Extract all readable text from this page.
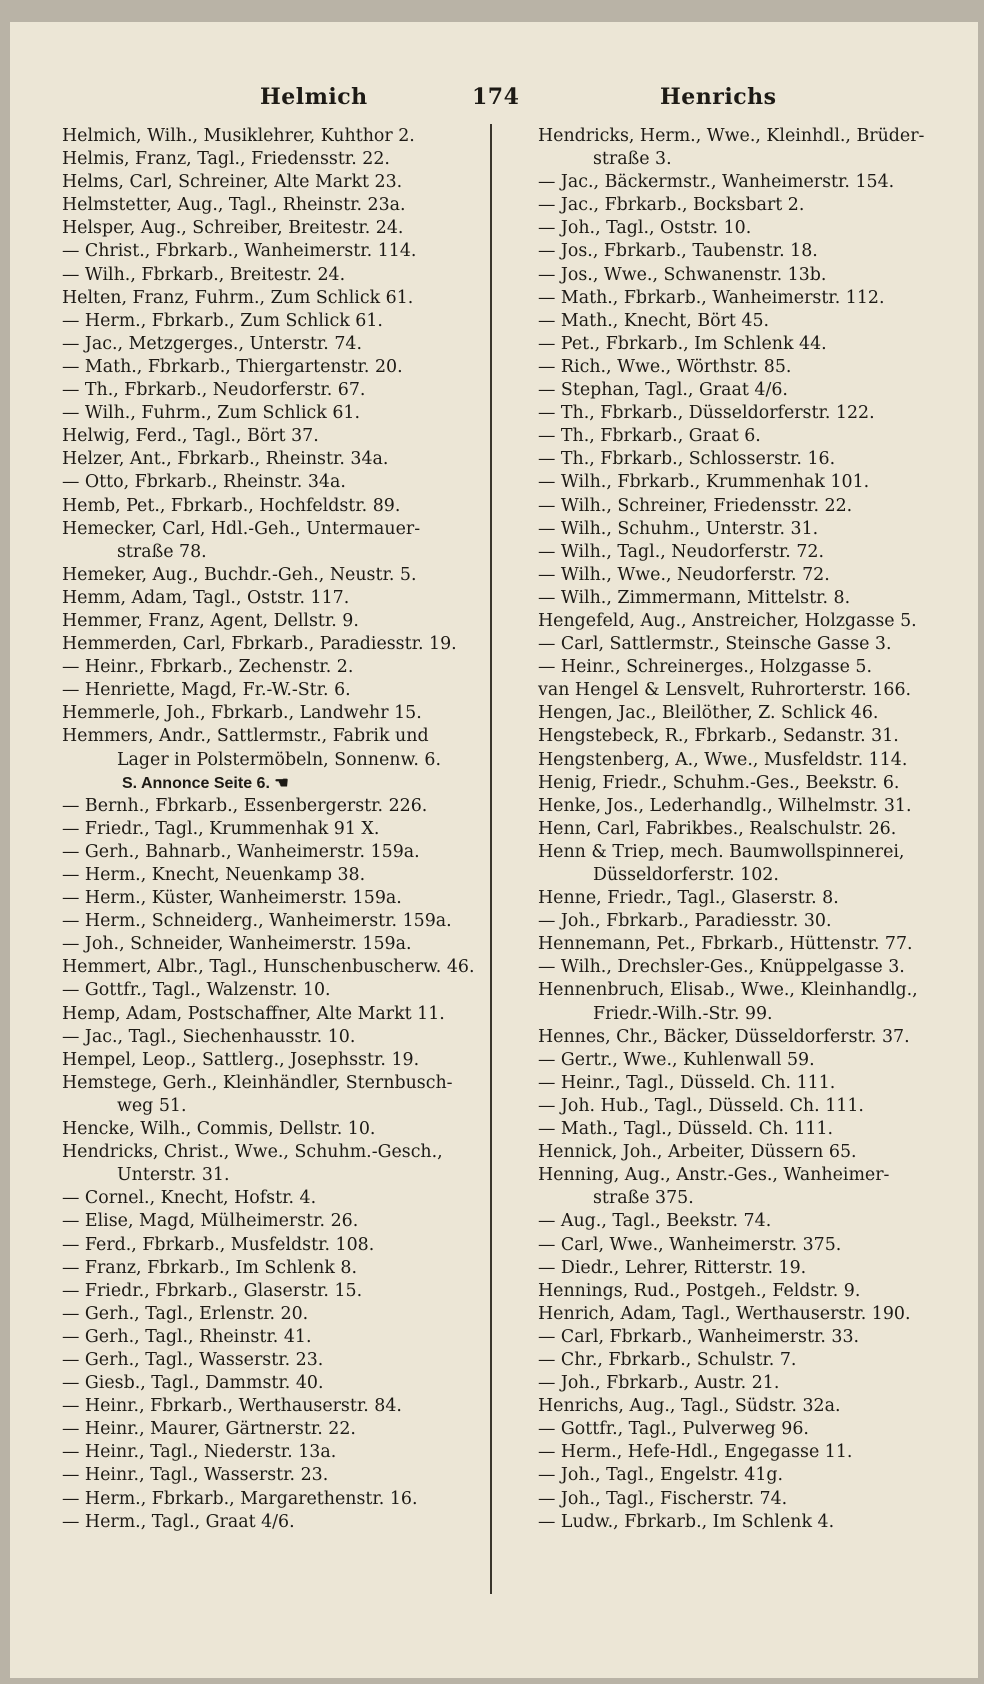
Helmich	174	Henrichs
Helmich, Wilh., Musiklehrer, Kuhthor 2.
Helmis, Franz, Tagl., Friedensstr. 22.
Helms, Carl, Schreiner, Alte Markt 23.
Helmstetter, Aug., Tagl., Rheinstr. 23a.
Helsper, Aug., Schreiber, Breitestr. 24.
— Christ., Fbrkarb., Wanheimerstr. 114.
— Wilh., Fbrkarb., Breitestr. 24.
Helten, Franz, Fuhrm., Zum Schlick 61.
— Herm., Fbrkarb., Zum Schlick 61.
— Jac., Metzgerges., Unterstr. 74.
— Math., Fbrkarb., Thiergartenstr. 20.
— Th., Fbrkarb., Neudorferstr. 67.
— Wilh., Fuhrm., Zum Schlick 61.
Helwig, Ferd., Tagl., Bört 37.
Helzer, Ant., Fbrkarb., Rheinstr. 34a.
— Otto, Fbrkarb., Rheinstr. 34a.
Hemb, Pet., Fbrkarb., Hochfeldstr. 89.
Hemecker, Carl, Hdl.-Geh., Untermauer-
straße 78.
Hemeker, Aug., Buchdr.-Geh., Neustr. 5.
Hemm, Adam, Tagl., Oststr. 117.
Hemmer, Franz, Agent, Dellstr. 9.
Hemmerden, Carl, Fbrkarb., Paradiesstr. 19.
— Heinr., Fbrkarb., Zechenstr. 2.
— Henriette, Magd, Fr.-W.-Str. 6.
Hemmerle, Joh., Fbrkarb., Landwehr 15.
Hemmers, Andr., Sattlermstr., Fabrik und
Lager in Polstermöbeln, Sonnenw. 6.
S. Annonce Seite 6. ☚
— Bernh., Fbrkarb., Essenbergerstr. 226.
— Friedr., Tagl., Krummenhak 91 X.
— Gerh., Bahnarb., Wanheimerstr. 159a.
— Herm., Knecht, Neuenkamp 38.
— Herm., Küster, Wanheimerstr. 159a.
— Herm., Schneiderg., Wanheimerstr. 159a.
— Joh., Schneider, Wanheimerstr. 159a.
Hemmert, Albr., Tagl., Hunschenbuscherw. 46.
— Gottfr., Tagl., Walzenstr. 10.
Hemp, Adam, Postschaffner, Alte Markt 11.
— Jac., Tagl., Siechenhausstr. 10.
Hempel, Leop., Sattlerg., Josephsstr. 19.
Hemstege, Gerh., Kleinhändler, Sternbusch-
weg 51.
Hencke, Wilh., Commis, Dellstr. 10.
Hendricks, Christ., Wwe., Schuhm.-Gesch.,
Unterstr. 31.
— Cornel., Knecht, Hofstr. 4.
— Elise, Magd, Mülheimerstr. 26.
— Ferd., Fbrkarb., Musfeldstr. 108.
— Franz, Fbrkarb., Im Schlenk 8.
— Friedr., Fbrkarb., Glaserstr. 15.
— Gerh., Tagl., Erlenstr. 20.
— Gerh., Tagl., Rheinstr. 41.
— Gerh., Tagl., Wasserstr. 23.
— Giesb., Tagl., Dammstr. 40.
— Heinr., Fbrkarb., Werthauserstr. 84.
— Heinr., Maurer, Gärtnerstr. 22.
— Heinr., Tagl., Niederstr. 13a.
— Heinr., Tagl., Wasserstr. 23.
— Herm., Fbrkarb., Margarethenstr. 16.
— Herm., Tagl., Graat 4/6.
Hendricks, Herm., Wwe., Kleinhdl., Brüder-
straße 3.
— Jac., Bäckermstr., Wanheimerstr. 154.
— Jac., Fbrkarb., Bocksbart 2.
— Joh., Tagl., Oststr. 10.
— Jos., Fbrkarb., Taubenstr. 18.
— Jos., Wwe., Schwanenstr. 13b.
— Math., Fbrkarb., Wanheimerstr. 112.
— Math., Knecht, Bört 45.
— Pet., Fbrkarb., Im Schlenk 44.
— Rich., Wwe., Wörthstr. 85.
— Stephan, Tagl., Graat 4/6.
— Th., Fbrkarb., Düsseldorferstr. 122.
— Th., Fbrkarb., Graat 6.
— Th., Fbrkarb., Schlosserstr. 16.
— Wilh., Fbrkarb., Krummenhak 101.
— Wilh., Schreiner, Friedensstr. 22.
— Wilh., Schuhm., Unterstr. 31.
— Wilh., Tagl., Neudorferstr. 72.
— Wilh., Wwe., Neudorferstr. 72.
— Wilh., Zimmermann, Mittelstr. 8.
Hengefeld, Aug., Anstreicher, Holzgasse 5.
— Carl, Sattlermstr., Steinsche Gasse 3.
— Heinr., Schreinerges., Holzgasse 5.
van Hengel & Lensvelt, Ruhrorterstr. 166.
Hengen, Jac., Bleilöther, Z. Schlick 46.
Hengstebeck, R., Fbrkarb., Sedanstr. 31.
Hengstenberg, A., Wwe., Musfeldstr. 114.
Henig, Friedr., Schuhm.-Ges., Beekstr. 6.
Henke, Jos., Lederhandlg., Wilhelmstr. 31.
Henn, Carl, Fabrikbes., Realschulstr. 26.
Henn & Triep, mech. Baumwollspinnerei,
Düsseldorferstr. 102.
Henne, Friedr., Tagl., Glaserstr. 8.
— Joh., Fbrkarb., Paradiesstr. 30.
Hennemann, Pet., Fbrkarb., Hüttenstr. 77.
— Wilh., Drechsler-Ges., Knüppelgasse 3.
Hennenbruch, Elisab., Wwe., Kleinhandlg.,
Friedr.-Wilh.-Str. 99.
Hennes, Chr., Bäcker, Düsseldorferstr. 37.
— Gertr., Wwe., Kuhlenwall 59.
— Heinr., Tagl., Düsseld. Ch. 111.
— Joh. Hub., Tagl., Düsseld. Ch. 111.
— Math., Tagl., Düsseld. Ch. 111.
Hennick, Joh., Arbeiter, Düssern 65.
Henning, Aug., Anstr.-Ges., Wanheimer-
straße 375.
— Aug., Tagl., Beekstr. 74.
— Carl, Wwe., Wanheimerstr. 375.
— Diedr., Lehrer, Ritterstr. 19.
Hennings, Rud., Postgeh., Feldstr. 9.
Henrich, Adam, Tagl., Werthauserstr. 190.
— Carl, Fbrkarb., Wanheimerstr. 33.
— Chr., Fbrkarb., Schulstr. 7.
— Joh., Fbrkarb., Austr. 21.
Henrichs, Aug., Tagl., Südstr. 32a.
— Gottfr., Tagl., Pulverweg 96.
— Herm., Hefe-Hdl., Engegasse 11.
— Joh., Tagl., Engelstr. 41g.
— Joh., Tagl., Fischerstr. 74.
— Ludw., Fbrkarb., Im Schlenk 4.
